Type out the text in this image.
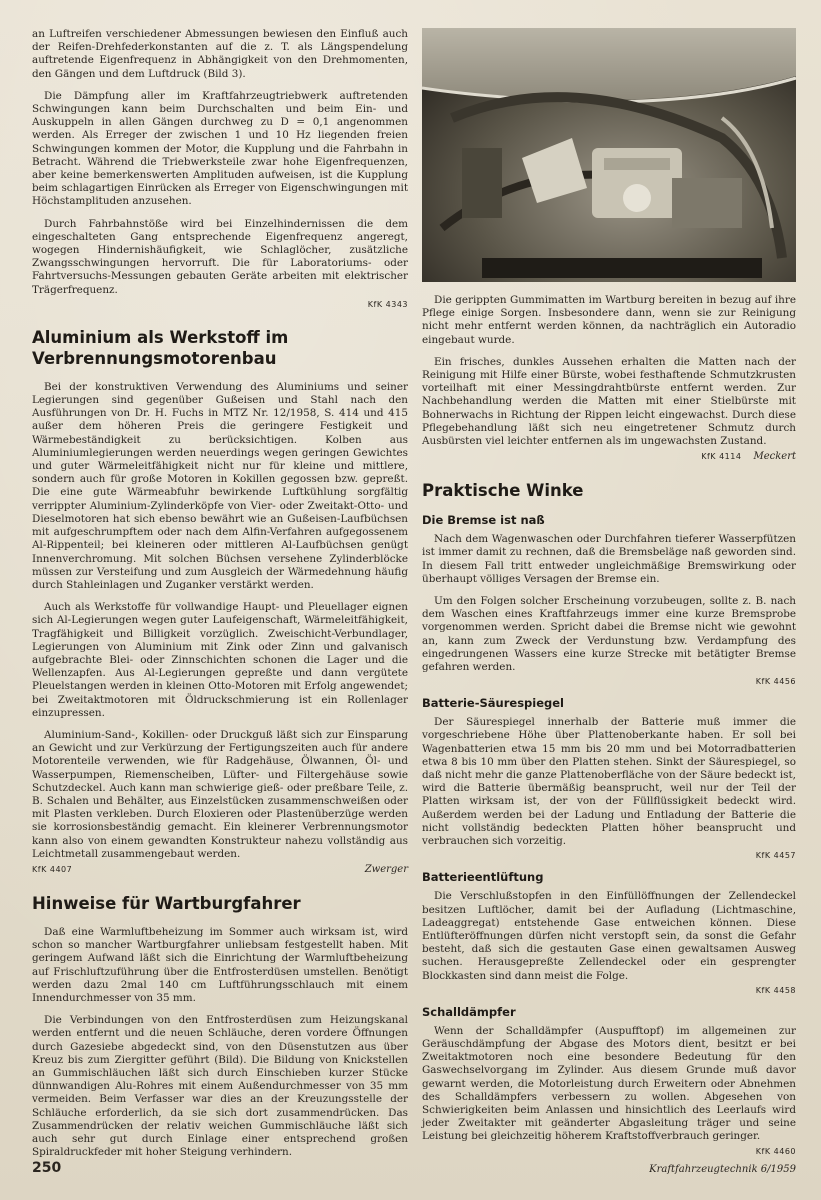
an Luftreifen verschiedener Abmessungen bewiesen den Einfluß auch der Reifen-Drehfederkonstanten auf die z. T. als Längspendelung auftretende Eigenfrequenz in Abhängigkeit von den Drehmomenten, den Gängen und dem Luftdruck (Bild 3).

Die Dämpfung aller im Kraftfahrzeugtriebwerk auftretenden Schwingungen kann beim Durchschalten und beim Ein- und Auskuppeln in allen Gängen durchweg zu D = 0,1 angenommen werden. Als Erreger der zwischen 1 und 10 Hz liegenden freien Schwingungen kommen der Motor, die Kupplung und die Fahrbahn in Betracht. Während die Triebwerksteile zwar hohe Eigenfrequenzen, aber keine bemerkenswerten Amplituden aufweisen, ist die Kupplung beim schlagartigen Einrücken als Erreger von Eigenschwingungen mit Höchstamplituden anzusehen.

Durch Fahrbahnstöße wird bei Einzelhindernissen die dem eingeschalteten Gang entsprechende Eigenfrequenz angeregt, wogegen Hindernishäufigkeit, wie Schlaglöcher, zusätzliche Zwangsschwingungen hervorruft. Die für Laboratoriums- oder Fahrtversuchs-Messungen gebauten Geräte arbeiten mit elektrischer Trägerfrequenz.

KfK 4343
Aluminium als Werkstoff im Verbrennungsmotorenbau

Bei der konstruktiven Verwendung des Aluminiums und seiner Legierungen sind gegenüber Gußeisen und Stahl nach den Ausführungen von Dr. H. Fuchs in MTZ Nr. 12/1958, S. 414 und 415 außer dem höheren Preis die geringere Festigkeit und Wärmebeständigkeit zu berücksichtigen. Kolben aus Aluminiumlegierungen werden neuerdings wegen geringen Gewichtes und guter Wärmeleitfähigkeit nicht nur für kleine und mittlere, sondern auch für große Motoren in Kokillen gegossen bzw. gepreßt. Die eine gute Wärmeabfuhr bewirkende Luftkühlung sorgfältig verrippter Aluminium-Zylinderköpfe von Vier- oder Zweitakt-Otto- und Dieselmotoren hat sich ebenso bewährt wie an Gußeisen-Laufbüchsen mit aufgeschrumpftem oder nach dem Alfin-Verfahren aufgegossenem Al-Rippenteil; bei kleineren oder mittleren Al-Laufbüchsen genügt Innenverchromung. Mit solchen Büchsen versehene Zylinderblöcke müssen zur Versteifung und zum Ausgleich der Wärmedehnung häufig durch Stahleinlagen und Zuganker verstärkt werden.

Auch als Werkstoffe für vollwandige Haupt- und Pleuellager eignen sich Al-Legierungen wegen guter Laufeigenschaft, Wärmeleitfähigkeit, Tragfähigkeit und Billigkeit vorzüglich. Zweischicht-Verbundlager, Legierungen von Aluminium mit Zink oder Zinn und galvanisch aufgebrachte Blei- oder Zinnschichten schonen die Lager und die Wellenzapfen. Aus Al-Legierungen gepreßte und dann vergütete Pleuelstangen werden in kleinen Otto-Motoren mit Erfolg angewendet; bei Zweitaktmotoren mit Öldruckschmierung ist ein Rollenlager einzupressen.

Aluminium-Sand-, Kokillen- oder Druckguß läßt sich zur Einsparung an Gewicht und zur Verkürzung der Fertigungszeiten auch für andere Motorenteile verwenden, wie für Radgehäuse, Ölwannen, Öl- und Wasserpumpen, Riemenscheiben, Lüfter- und Filtergehäuse sowie Schutzdeckel. Auch kann man schwierige gieß- oder preßbare Teile, z. B. Schalen und Behälter, aus Einzelstücken zusammenschweißen oder mit Plasten verkleben. Durch Eloxieren oder Plastenüberzüge werden sie korrosionsbeständig gemacht. Ein kleinerer Verbrennungsmotor kann also von einem gewandten Konstrukteur nahezu vollständig aus Leichtmetall zusammengebaut werden.

KfK 4407	Zwerger
Hinweise für Wartburgfahrer

Daß eine Warmluftbeheizung im Sommer auch wirksam ist, wird schon so mancher Wartburgfahrer unliebsam festgestellt haben. Mit geringem Aufwand läßt sich die Einrichtung der Warmluftbeheizung auf Frischluftzuführung über die Entfrosterdüsen umstellen. Benötigt werden dazu 2mal 140 cm Luftführungsschlauch mit einem Innendurchmesser von 35 mm.

Die Verbindungen von den Entfrosterdüsen zum Heizungskanal werden entfernt und die neuen Schläuche, deren vordere Öffnungen durch Gazesiebe abgedeckt sind, von den Düsenstutzen aus über Kreuz bis zum Ziergitter geführt (Bild). Die Bildung von Knickstellen an Gummischläuchen läßt sich durch Einschieben kurzer Stücke dünnwandigen Alu-Rohres mit einem Außendurchmesser von 35 mm vermeiden. Beim Verfasser war dies an der Kreuzungsstelle der Schläuche erforderlich, da sie sich dort zusammendrücken. Das Zusammendrücken der relativ weichen Gummischläuche läßt sich auch sehr gut durch Einlage einer entsprechend großen Spiraldruckfeder mit hoher Steigung verhindern.

Die gerippten Gummimatten im Wartburg bereiten in bezug auf ihre Pflege einige Sorgen. Insbesondere dann, wenn sie zur Reinigung nicht mehr entfernt werden können, da nachträglich ein Autoradio eingebaut wurde.

Ein frisches, dunkles Aussehen erhalten die Matten nach der Reinigung mit Hilfe einer Bürste, wobei festhaftende Schmutzkrusten vorteilhaft mit einer Messingdrahtbürste entfernt werden. Zur Nachbehandlung werden die Matten mit einer Stielbürste mit Bohnerwachs in Richtung der Rippen leicht eingewachst. Durch diese Pflegebehandlung läßt sich neu eingetretener Schmutz durch Ausbürsten viel leichter entfernen als im ungewachsten Zustand.

KfK 4114 Meckert
Praktische Winke
Die Bremse ist naß

Nach dem Wagenwaschen oder Durchfahren tieferer Wasserpfützen ist immer damit zu rechnen, daß die Bremsbeläge naß geworden sind. In diesem Fall tritt entweder ungleichmäßige Bremswirkung oder überhaupt völliges Versagen der Bremse ein.

Um den Folgen solcher Erscheinung vorzubeugen, sollte z. B. nach dem Waschen eines Kraftfahrzeugs immer eine kurze Bremsprobe vorgenommen werden. Spricht dabei die Bremse nicht wie gewohnt an, kann zum Zweck der Verdunstung bzw. Verdampfung des eingedrungenen Wassers eine kurze Strecke mit betätigter Bremse gefahren werden.

KfK 4456
Batterie-Säurespiegel

Der Säurespiegel innerhalb der Batterie muß immer die vorgeschriebene Höhe über Plattenoberkante haben. Er soll bei Wagenbatterien etwa 15 mm bis 20 mm und bei Motorradbatterien etwa 8 bis 10 mm über den Platten stehen. Sinkt der Säurespiegel, so daß nicht mehr die ganze Plattenoberfläche von der Säure bedeckt ist, wird die Batterie übermäßig beansprucht, weil nur der Teil der Platten wirksam ist, der von der Füllflüssigkeit bedeckt wird. Außerdem werden bei der Ladung und Entladung der Batterie die nicht vollständig bedeckten Platten höher beansprucht und verbrauchen sich vorzeitig.

KfK 4457
Batterieentlüftung

Die Verschlußstopfen in den Einfüllöffnungen der Zellendeckel besitzen Luftlöcher, damit bei der Aufladung (Lichtmaschine, Ladeaggregat) entstehende Gase entweichen können. Diese Entlüfteröffnungen dürfen nicht verstopft sein, da sonst die Gefahr besteht, daß sich die gestauten Gase einen gewaltsamen Ausweg suchen. Herausgepreßte Zellendeckel oder ein gesprengter Blockkasten sind dann meist die Folge.

KfK 4458
Schalldämpfer

Wenn der Schalldämpfer (Auspufftopf) im allgemeinen zur Geräuschdämpfung der Abgase des Motors dient, besitzt er bei Zweitaktmotoren noch eine besondere Bedeutung für den Gaswechselvorgang im Zylinder. Aus diesem Grunde muß davor gewarnt werden, die Motorleistung durch Erweitern oder Abnehmen des Schalldämpfers verbessern zu wollen. Abgesehen von Schwierigkeiten beim Anlassen und hinsichtlich des Leerlaufs wird jeder Zweitakter mit geänderter Abgasleitung träger und seine Leistung bei gleichzeitig höherem Kraftstoffverbrauch geringer.

KfK 4460
250	Kraftfahrzeugtechnik 6/1959
